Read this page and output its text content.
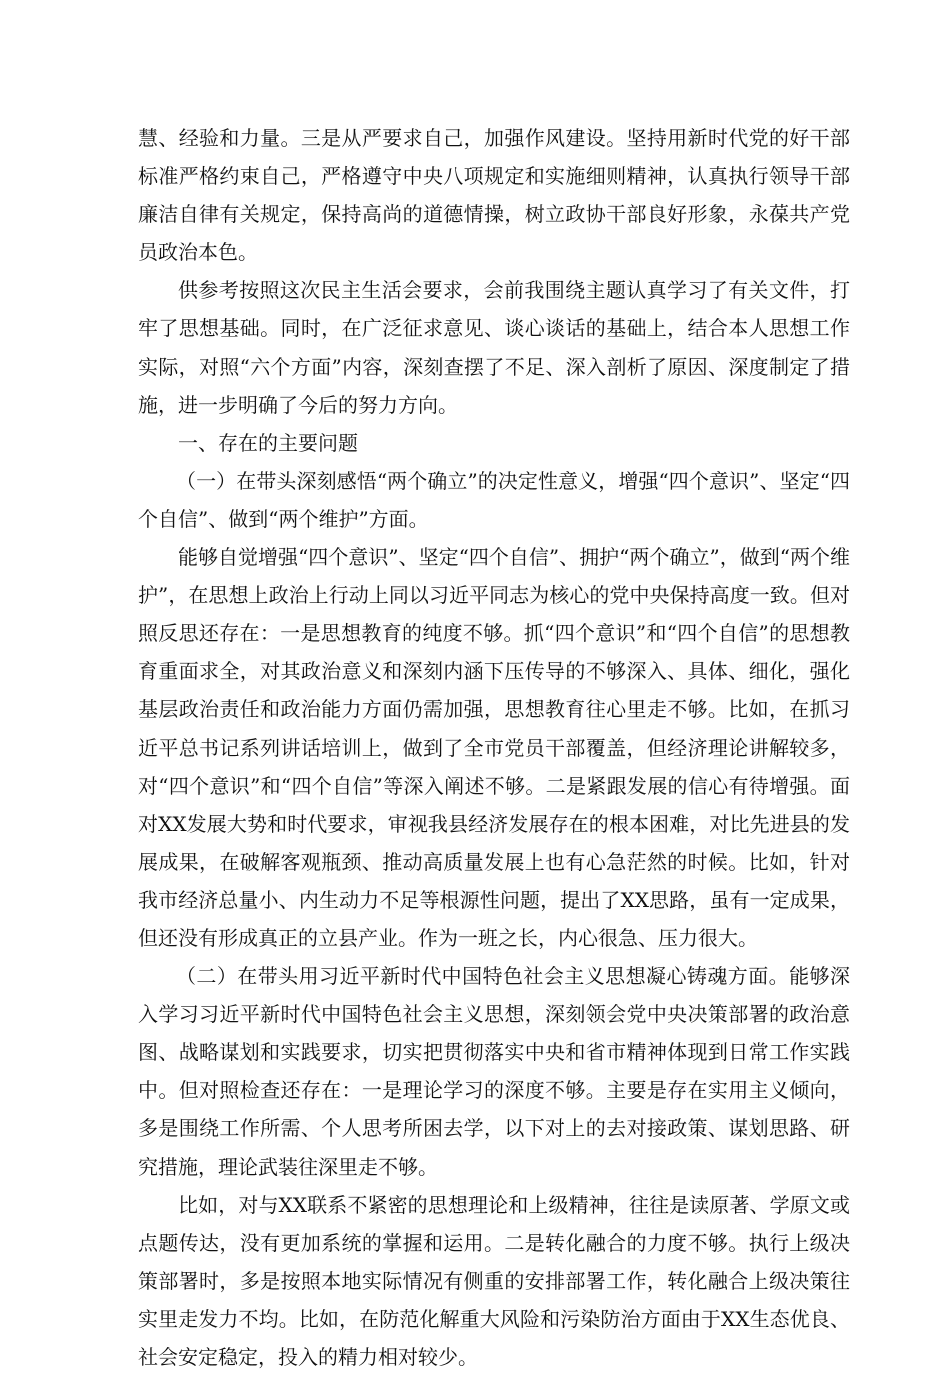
慧、经验和力量。三是从严要求自己，加强作风建设。坚持用新时代党的好干部标准严格约束自己，严格遵守中央八项规定和实施细则精神，认真执行领导干部廉洁自律有关规定，保持高尚的道德情操，树立政协干部良好形象，永葆共产党员政治本色。

供参考按照这次民主生活会要求，会前我围绕主题认真学习了有关文件，打牢了思想基础。同时，在广泛征求意见、谈心谈话的基础上，结合本人思想工作实际，对照“六个方面”内容，深刻查摆了不足、深入剖析了原因、深度制定了措施，进一步明确了今后的努力方向。

一、存在的主要问题

（一）在带头深刻感悟“两个确立”的决定性意义，增强“四个意识”、坚定“四个自信”、做到“两个维护”方面。

能够自觉增强“四个意识”、坚定“四个自信”、拥护“两个确立”，做到“两个维护”，在思想上政治上行动上同以习近平同志为核心的党中央保持高度一致。但对照反思还存在：一是思想教育的纯度不够。抓“四个意识”和“四个自信”的思想教育重面求全，对其政治意义和深刻内涵下压传导的不够深入、具体、细化，强化基层政治责任和政治能力方面仍需加强，思想教育往心里走不够。比如，在抓习近平总书记系列讲话培训上，做到了全市党员干部覆盖，但经济理论讲解较多，对“四个意识”和“四个自信”等深入阐述不够。二是紧跟发展的信心有待增强。面对XX发展大势和时代要求，审视我县经济发展存在的根本困难，对比先进县的发展成果，在破解客观瓶颈、推动高质量发展上也有心急茫然的时候。比如，针对我市经济总量小、内生动力不足等根源性问题，提出了XX思路，虽有一定成果，但还没有形成真正的立县产业。作为一班之长，内心很急、压力很大。

（二）在带头用习近平新时代中国特色社会主义思想凝心铸魂方面。能够深入学习习近平新时代中国特色社会主义思想，深刻领会党中央决策部署的政治意图、战略谋划和实践要求，切实把贯彻落实中央和省市精神体现到日常工作实践中。但对照检查还存在：一是理论学习的深度不够。主要是存在实用主义倾向，多是围绕工作所需、个人思考所困去学，以下对上的去对接政策、谋划思路、研究措施，理论武装往深里走不够。

比如，对与XX联系不紧密的思想理论和上级精神，往往是读原著、学原文或点题传达，没有更加系统的掌握和运用。二是转化融合的力度不够。执行上级决策部署时，多是按照本地实际情况有侧重的安排部署工作，转化融合上级决策往实里走发力不均。比如，在防范化解重大风险和污染防治方面由于XX生态优良、社会安定稳定，投入的精力相对较少。
